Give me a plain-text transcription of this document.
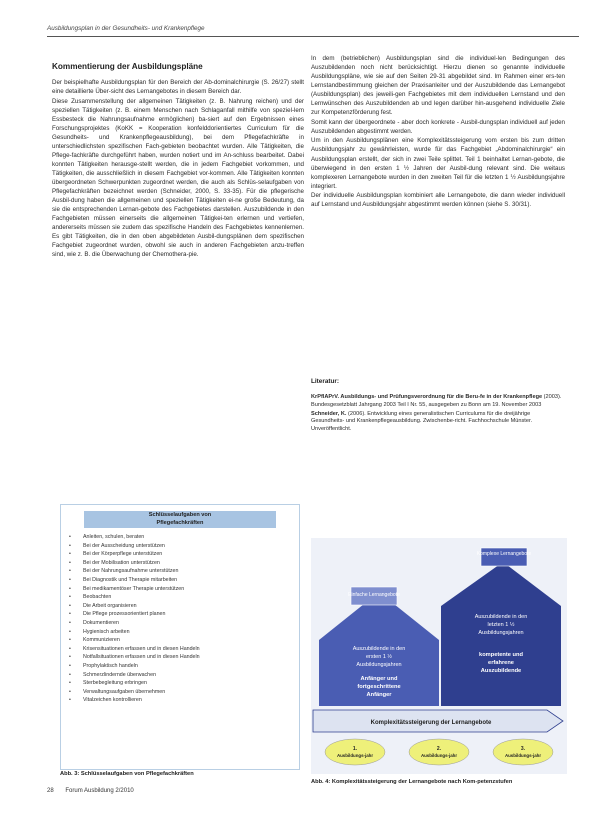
Ausbildungsplan in der Gesundheits- und Krankenpflege
Kommentierung der Ausbildungspläne

Der beispielhafte Ausbildungsplan für den Bereich der Ab-dominalchirurgie (S. 26/27) stellt eine detaillierte Über-sicht des Lernangebotes in diesem Bereich dar.

Diese Zusammenstellung der allgemeinen Tätigkeiten (z. B. Nahrung reichen) und der speziellen Tätigkeiten (z. B. einem Menschen nach Schlaganfall mithilfe von speziel-lem Essbesteck die Nahrungsaufnahme ermöglichen) ba-siert auf den Ergebnissen eines Forschungsprojektes (KoKK = Kooperation konfelddorientiertes Curriculum für die Gesundheits- und Krankenpflegeausbildung), bei dem Pflegefachkräfte in unterschiedlichsten spezifischen Fach-gebieten beobachtet wurden. Alle Tätigkeiten, die Pflege-fachkräfte durchgeführt haben, wurden notiert und im An-schluss bearbeitet. Dabei konnten Tätigkeiten herausge-stellt werden, die in jedem Fachgebiet vorkommen, und Tätigkeiten, die ausschließlich in diesem Fachgebiet vor-kommen. Alle Tätigkeiten konnten übergeordneten Schwerpunkten zugeordnet werden, die auch als Schlüs-selaufgaben von Pflegefachkräften bezeichnet werden (Schneider, 2000, S. 33-35). Für die pflegerische Ausbil-dung haben die allgemeinen und speziellen Tätigkeiten ei-ne große Bedeutung, da sie die entsprechenden Lernan-gebote des Fachgebietes darstellen. Auszubildende in den Fachgebieten müssen einerseits die allgemeinen Tätigkei-ten erlernen und vertiefen, andererseits müssen sie zudem das spezifische Handeln des Fachgebietes kennenlernen. Es gibt Tätigkeiten, die in den oben abgebildeten Ausbil-dungsplänen dem spezifischen Fachgebiet zugeordnet wurden, obwohl sie auch in anderen Fachgebieten anzu-treffen sind, wie z. B. die Überwachung der Chemothera-pie.

In dem (betrieblichen) Ausbildungsplan sind die individuel-len Bedingungen des Auszubildenden noch nicht berücksichtigt. Hierzu dienen so genannte individuelle Ausbildungspläne, wie sie auf den Seiten 29-31 abgebildet sind. Im Rahmen einer ers-ten Lernstandbestimmung gleichen der Praxisanleiter und der Auszubildende das Lernangebot (Ausbildungsplan) des jeweili-gen Fachgebietes mit dem individuellen Lernstand und den Lernwünschen des Auszubildenden ab und legen darüber hin-ausgehend individuelle Ziele zur Kompetenzförderung fest.

Somit kann der übergeordnete - aber doch konkrete - Ausbil-dungsplan individuell auf jeden Auszubildenden abgestimmt werden.

Um in den Ausbildungsplänen eine Komplexitätssteigerung vom ersten bis zum dritten Ausbildungsjahr zu gewährleisten, wurde für das Fachgebiet „Abdominalchirurgie“ ein Ausbildungsplan erstellt, der sich in zwei Teile splittet. Teil 1 beinhaltet Lernan-gebote, die überwiegend in den ersten 1 ½ Jahren der Ausbil-dung relevant sind. Die weitaus komplexeren Lernangebote wurden in den zweiten Teil für die letzten 1 ½ Ausbildungsjahre integriert.

Der individuelle Ausbildungsplan kombiniert alle Lernangebote, die dann wieder individuell auf Lernstand und Ausbildungsjahr abgestimmt werden können (siehe S. 30/31).

Literatur:

KrPflAPrV. Ausbildungs- und Prüfungsverordnung für die Beru-fe in der Krankenpflege (2003). Bundesgesetzblatt Jahrgang 2003 Teil I Nr. 55, ausgegeben zu Bonn am 19. November 2003

Schneider, K. (2006). Entwicklung eines generalistischen Curriculums für die dreijährige Gesundheits- und Krankenpflegeausbildung. Zwischenbe-richt. Fachhochschule Münster. Unveröffentlicht.

Schlüsselaufgaben von
Pflegefachkräften
• Anleiten, schulen, beraten
• Bei der Ausscheidung unterstützen
• Bei der Körperpflege unterstützen
• Bei der Mobilisation unterstützen
• Bei der Nahrungsaufnahme unterstützen
• Bei Diagnostik und Therapie mitarbeiten
• Bei medikamentöser Therapie unterstützen
• Beobachten
• Die Arbeit organisieren
• Die Pflege prozessorientiert planen
• Dokumentieren
• Hygienisch arbeiten
• Kommunizieren
• Krisensituationen erfassen und in diesen Handeln
• Notfallsituationen erfassen und in diesen Handeln
• Prophylaktisch handeln
• Schmerzlindernde überwachen
• Sterbebegleitung erbringen
• Verwaltungsaufgaben übernehmen
• Vitalzeichen kontrollieren
Abb. 3: Schlüsselaufgaben von Pflegefachkräften
Komplexe Lernangebote
Einfache Lernangebote
Auszubildende in den
ersten 1 ½
Ausbildungsjahren
Anfänger und
fortgeschrittene
Anfänger
Auszubildende in den
letzten 1 ½
Ausbildungsjahren
kompetente und
erfahrene
Auszubildende
Komplexitätssteigerung der Lernangebote
1.
Ausbildungs-jahr
2.
Ausbildungs-jahr
3.
Ausbildungs-jahr
Abb. 4: Komplexitätssteigerung der Lernangebote nach Kom-petenzstufen
28 Forum Ausbildung 2/2010
